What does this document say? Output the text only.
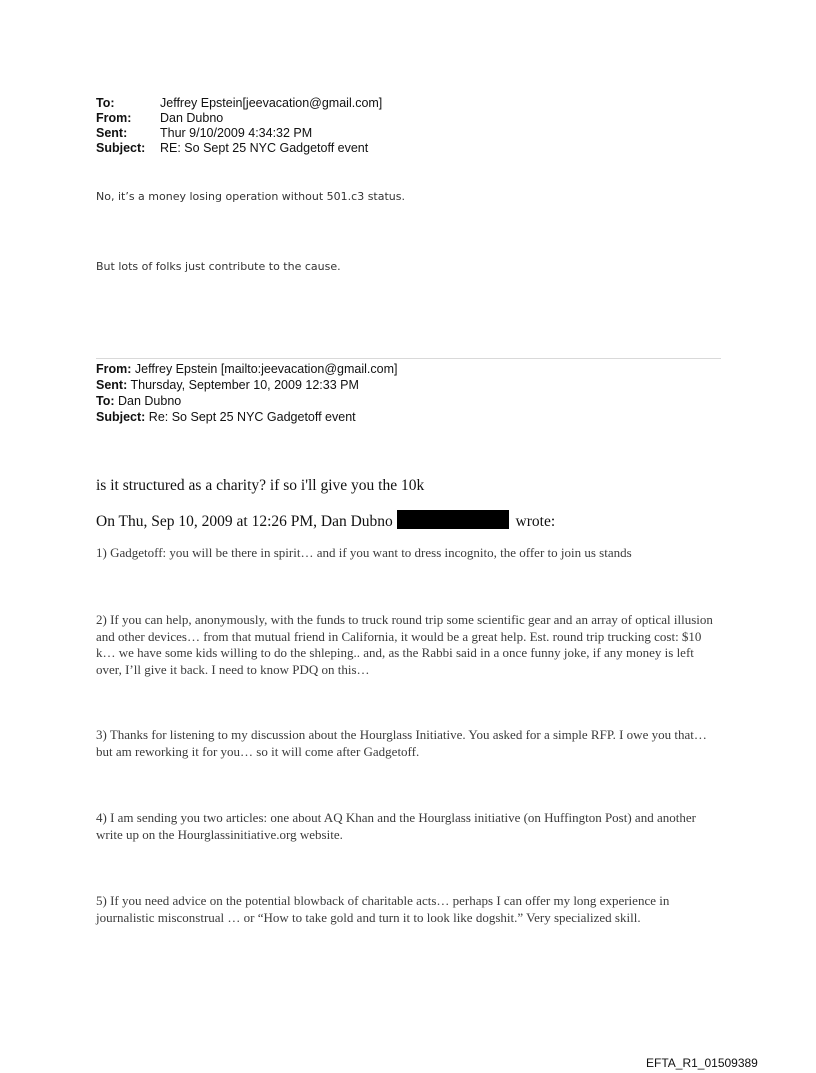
To:	Jeffrey Epstein[jeevacation@gmail.com]
From: Dan Dubno
Sent:	Thur 9/10/2009 4:34:32 PM
Subject: RE: So Sept 25 NYC Gadgetoff event
No, it’s a money losing operation without 501.c3 status.
But lots of folks just contribute to the cause.
From: Jeffrey Epstein [mailto:jeevacation@gmail.com]
Sent: Thursday, September 10, 2009 12:33 PM
To: Dan Dubno
Subject: Re: So Sept 25 NYC Gadgetoff event
is it structured as a charity? if so i'll give you the 10k
On Thu, Sep 10, 2009 at 12:26 PM, Dan Dubno	wrote:
1) Gadgetoff: you will be there in spirit… and if you want to dress incognito, the offer to join us stands
2) If you can help, anonymously, with the funds to truck round trip some scientific gear and an array of optical illusion and other devices… from that mutual friend in California, it would be a great help. Est. round trip trucking cost: $10 k… we have some kids willing to do the shleping.. and, as the Rabbi said in a once funny joke, if any money is left over, I’ll give it back. I need to know PDQ on this…
3) Thanks for listening to my discussion about the Hourglass Initiative. You asked for a simple RFP. I owe you that… but am reworking it for you… so it will come after Gadgetoff.
4) I am sending you two articles: one about AQ Khan and the Hourglass initiative (on Huffington Post) and another write up on the Hourglassinitiative.org website.
5) If you need advice on the potential blowback of charitable acts… perhaps I can offer my long experience in journalistic misconstrual … or “How to take gold and turn it to look like dogshit.” Very specialized skill.
EFTA_R1_01509389
